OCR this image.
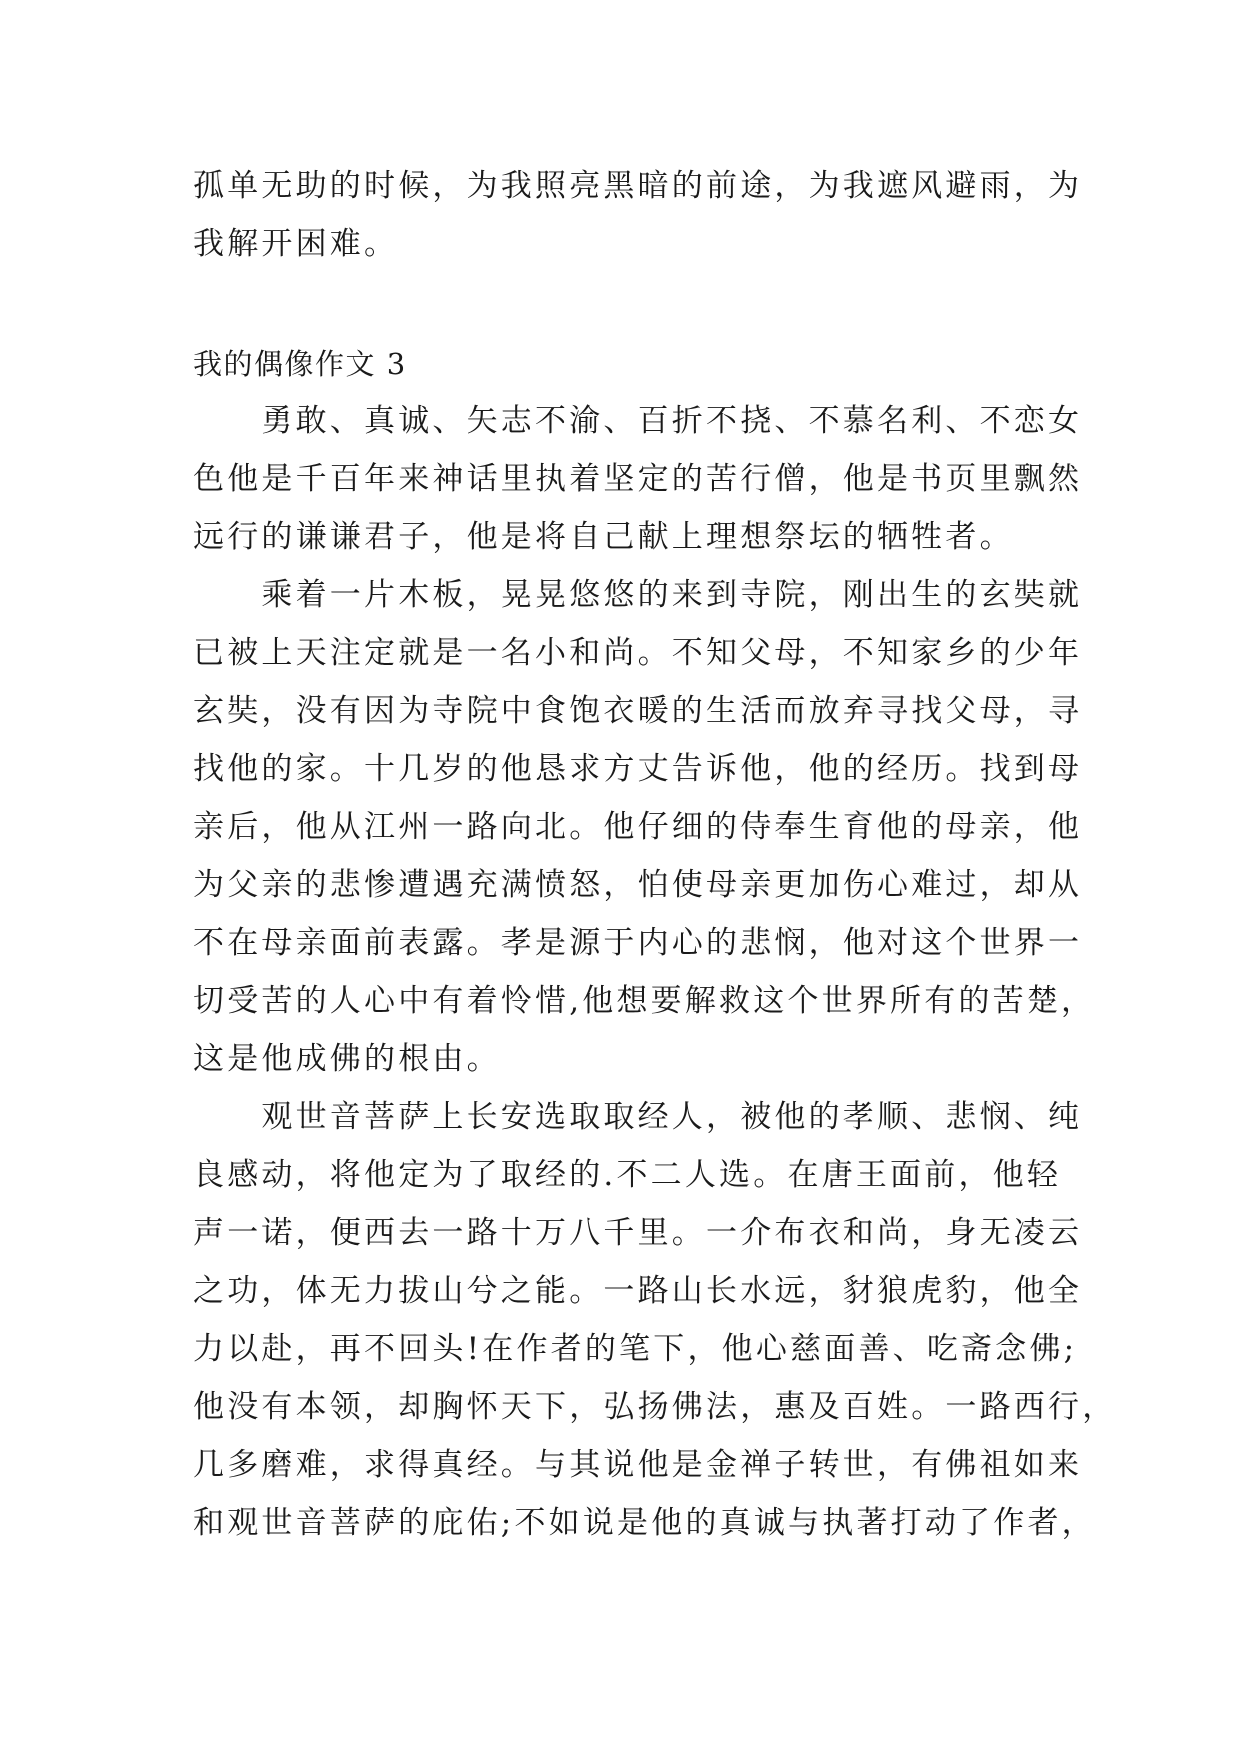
孤单无助的时候，为我照亮黑暗的前途，为我遮风避雨，为
我解开困难。
我的偶像作文 3
　　勇敢、真诚、矢志不渝、百折不挠、不慕名利、不恋女
色他是千百年来神话里执着坚定的苦行僧，他是书页里飘然
远行的谦谦君子，他是将自己献上理想祭坛的牺牲者。
　　乘着一片木板，晃晃悠悠的来到寺院，刚出生的玄奘就
已被上天注定就是一名小和尚。不知父母，不知家乡的少年
玄奘，没有因为寺院中食饱衣暖的生活而放弃寻找父母，寻
找他的家。十几岁的他恳求方丈告诉他，他的经历。找到母
亲后，他从江州一路向北。他仔细的侍奉生育他的母亲，他
为父亲的悲惨遭遇充满愤怒，怕使母亲更加伤心难过，却从
不在母亲面前表露。孝是源于内心的悲悯，他对这个世界一
切受苦的人心中有着怜惜,他想要解救这个世界所有的苦楚，
这是他成佛的根由。
　　观世音菩萨上长安选取取经人，被他的孝顺、悲悯、纯
良感动，将他定为了取经的.不二人选。在唐王面前，他轻
声一诺，便西去一路十万八千里。一介布衣和尚，身无凌云
之功，体无力拔山兮之能。一路山长水远，豺狼虎豹，他全
力以赴，再不回头!在作者的笔下，他心慈面善、吃斋念佛;
他没有本领，却胸怀天下，弘扬佛法，惠及百姓。一路西行，
几多磨难，求得真经。与其说他是金禅子转世，有佛祖如来
和观世音菩萨的庇佑;不如说是他的真诚与执著打动了作者，
